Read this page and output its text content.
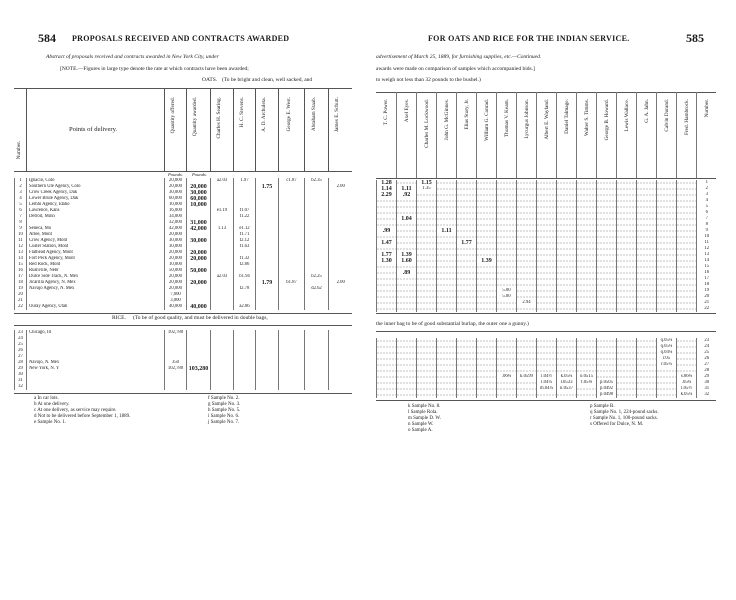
584 PROPOSALS RECEIVED AND CONTRACTS AWARDED
Abstract of proposals received and contracts awarded in New York City, under
[NOTE.—Figures in large type denote the rate at which contracts have been awarded;
OATS. (To be bright and clean, well sacked, and
Number.
Points of delivery.	Quantity offered.	Quantity awarded.	Charles H. Searing.	H. C. Stevens.	A. D. Archuleta.	George E. West.	Abraham Staab.	James E. Schutt.
Pounds. Pounds.
1	Ignacio, Colo	20,000		a2.03	1.97		c1.87	b2.35	
2	Southern Ute Agency, Colo	20,000	20,000			1.75			2.00
3	Crow Creek Agency, Dak	30,000	30,000						
4	Lower Brulé Agency, Dak	60,000	60,000						
5	Lemhi Agency, Idaho	10,000	10,000						
6	Lawrence, Kans	16,000		e1.19	f1.07				
7	Detroit, Minn	34,000			f1.22				
8		32,000	31,000						
9	Seneca, Mo	42,000	42,000	1.13	e1.12				
10	Arlee, Mont	20,000			f1.71				
11	Crow Agency, Mont	30,000	30,000		f2.12				
12	Custer Station, Mont	30,000			f1.63				
13	Flathead Agency, Mont	20,000	20,000						
14	Fort Peck Agency, Mont	20,000	20,000		f1.32				
15	Red Rock, Mont	10,000			f2.86				
16	Rushville, Nebr	50,000	50,000						
17	Dulce Side Track, N. Mex	20,000		a2.03	b1.94			b2.25	
18	Jicarilla Agency, N. Mex	20,000	20,000			1.79	b1.87		2.00
19	Navajo Agency, N. Mex	20,000			f2.78			d2.62	
20		7,000							
21		3,000							
22	Ouray Agency, Utah	40,000	40,000		a2.86				
RICE. (To be of good quality, and must be delivered in double bags,
23	Chicago, Ill	102,780							
24									
25									
26									
27									
28	Navajo, N. Mex	350							
29	New York, N. Y	102,780	103,280						
30									
31									
32									
a In car lots.
b At one delivery.
c At one delivery, as service may require.
d Not to be delivered before September 1, 1889.
e Sample No. 1.
f Sample No. 2.
g Sample No. 3.
h Sample No. 5.
i Sample No. 6.
j Sample No. 7.
FOR OATS AND RICE FOR THE INDIAN SERVICE.	585
advertisement of March 25, 1889, for furnishing supplies, etc.—Continued.
awards were made on comparison of samples which accompanied bids.]
to weigh not less than 32 pounds to the bushel.)
T. C. Power.	Axel Eyes.	Charles M. Lockwood.	John G. McGinnes.	Elias Story, Jr.	William G. Conrad.	Thomas V. Keam.	Lycurgus Johnson.	Albert E. Wayland.	Daniel Talmage.	Walter S. Timms.	George B. Howard.	Lewis Wallace.	G. A. Jahn.	Calvin Durand.	Fred. Hambrock.	Number.
1.28		1.15														1
1.14	1.11	1.35														2
2.29	.92															3
																4
																5
																6
	1.04															7
																8
.99			1.11													9
																10
1.47				1.77												11
																12
1.77	1.39															13
1.30	1.60				1.39											14
																15
	.89															16
																17
																18
						5.00										19
						5.00										20
							2.94									21
																22
the inner bag to be of good substantial burlap, the outer one a gunny.)
														q.05¼		23
														q.05¼		24
														q.04¼		25
														r.05		26
														r.05¼		27
																28
						.06¾	k.0599	l.04½	k.05¼	o.0515					s.06¾	29
								l.04¼	l.0533	f.05⅛	p.0505				.05¾	30
								m.04¼	n.0537		p.0492				l.05½	31
											p.0498				k.05¼	32
k Sample No. 8.
l Sample Rola.
m Sample D. W.
n Sample W.
o Sample A.
p Sample B.
q Sample No. 1, 224-pound sacks.
r Sample No. 1, 100-pound sacks.
s Offered for Dulce, N. M.
